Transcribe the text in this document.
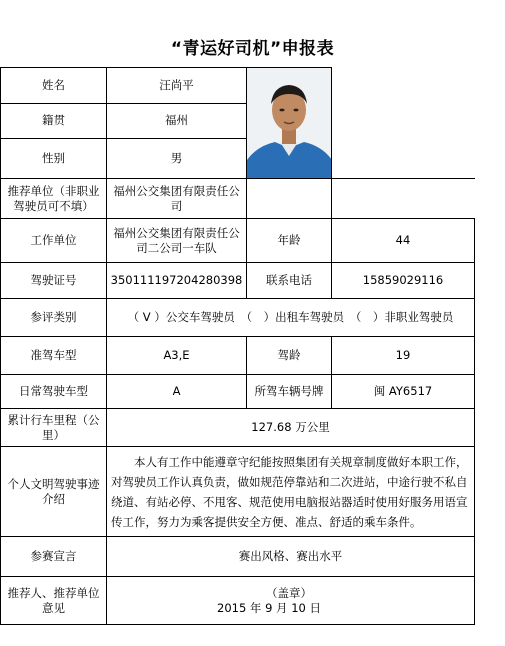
“青运好司机”申报表
姓名	汪尚平	

籍贯	福州		
性别	男		
推荐单位（非职业驾驶员可不填）	福州公交集团有限责任公司		
工作单位	福州公交集团有限责任公司二公司一车队	年龄	44
驾驶证号	350111197204280398	联系电话	15859029116
参评类别	（ V ）公交车驾驶员　（　）出租车驾驶员　（　）非职业驾驶员		
准驾车型	A3,E	驾龄	19
日常驾驶车型	A	所驾车辆号牌	闽 AY6517
累计行车里程（公里）	127.68 万公里		
个人文明驾驶事迹介绍	本人有工作中能遵章守纪能按照集团有关规章制度做好本职工作，对驾驶员工作认真负责，做如规范停靠站和二次进站，中途行驶不私自绕道、有站必停、不甩客、规范使用电脑报站器适时使用好服务用语宣传工作，努力为乘客提供安全方便、准点、舒适的乘车条件。		
参赛宣言	赛出风格、赛出水平		
推荐人、推荐单位意见	（盖章）
2015 年 9 月 10 日		
